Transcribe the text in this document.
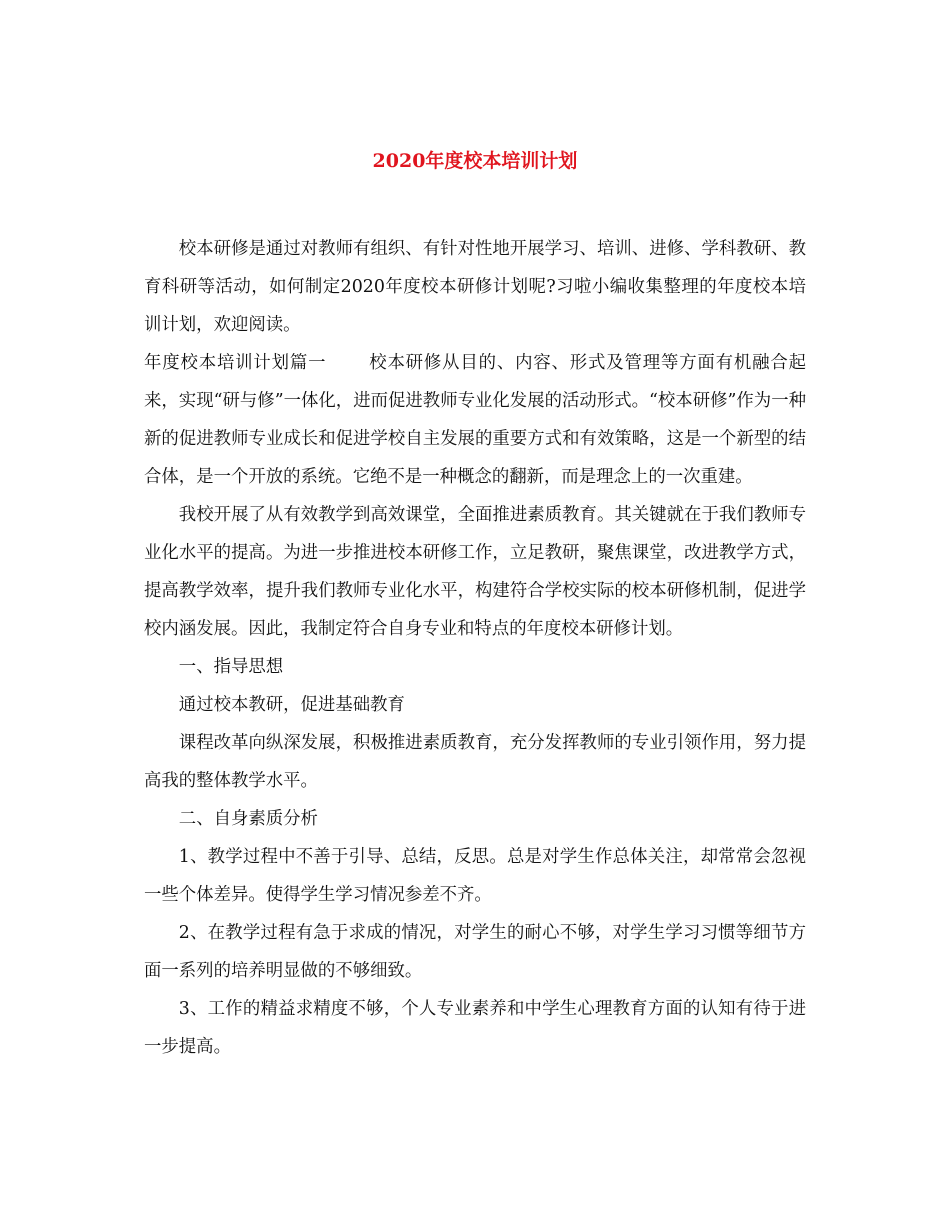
2020年度校本培训计划

校本研修是通过对教师有组织、有针对性地开展学习、培训、进修、学科教研、教育科研等活动，如何制定2020年度校本研修计划呢?习啦小编收集整理的年度校本培训计划，欢迎阅读。

年度校本培训计划篇一 校本研修从目的、内容、形式及管理等方面有机融合起来，实现“研与修”一体化，进而促进教师专业化发展的活动形式。“校本研修”作为一种新的促进教师专业成长和促进学校自主发展的重要方式和有效策略，这是一个新型的结合体，是一个开放的系统。它绝不是一种概念的翻新，而是理念上的一次重建。

我校开展了从有效教学到高效课堂，全面推进素质教育。其关键就在于我们教师专业化水平的提高。为进一步推进校本研修工作，立足教研，聚焦课堂，改进教学方式，提高教学效率，提升我们教师专业化水平，构建符合学校实际的校本研修机制，促进学校内涵发展。因此，我制定符合自身专业和特点的年度校本研修计划。

一、指导思想

通过校本教研，促进基础教育

课程改革向纵深发展，积极推进素质教育，充分发挥教师的专业引领作用，努力提高我的整体教学水平。

二、自身素质分析

1、教学过程中不善于引导、总结，反思。总是对学生作总体关注，却常常会忽视一些个体差异。使得学生学习情况参差不齐。

2、在教学过程有急于求成的情况，对学生的耐心不够，对学生学习习惯等细节方面一系列的培养明显做的不够细致。

3、工作的精益求精度不够，个人专业素养和中学生心理教育方面的认知有待于进一步提高。
